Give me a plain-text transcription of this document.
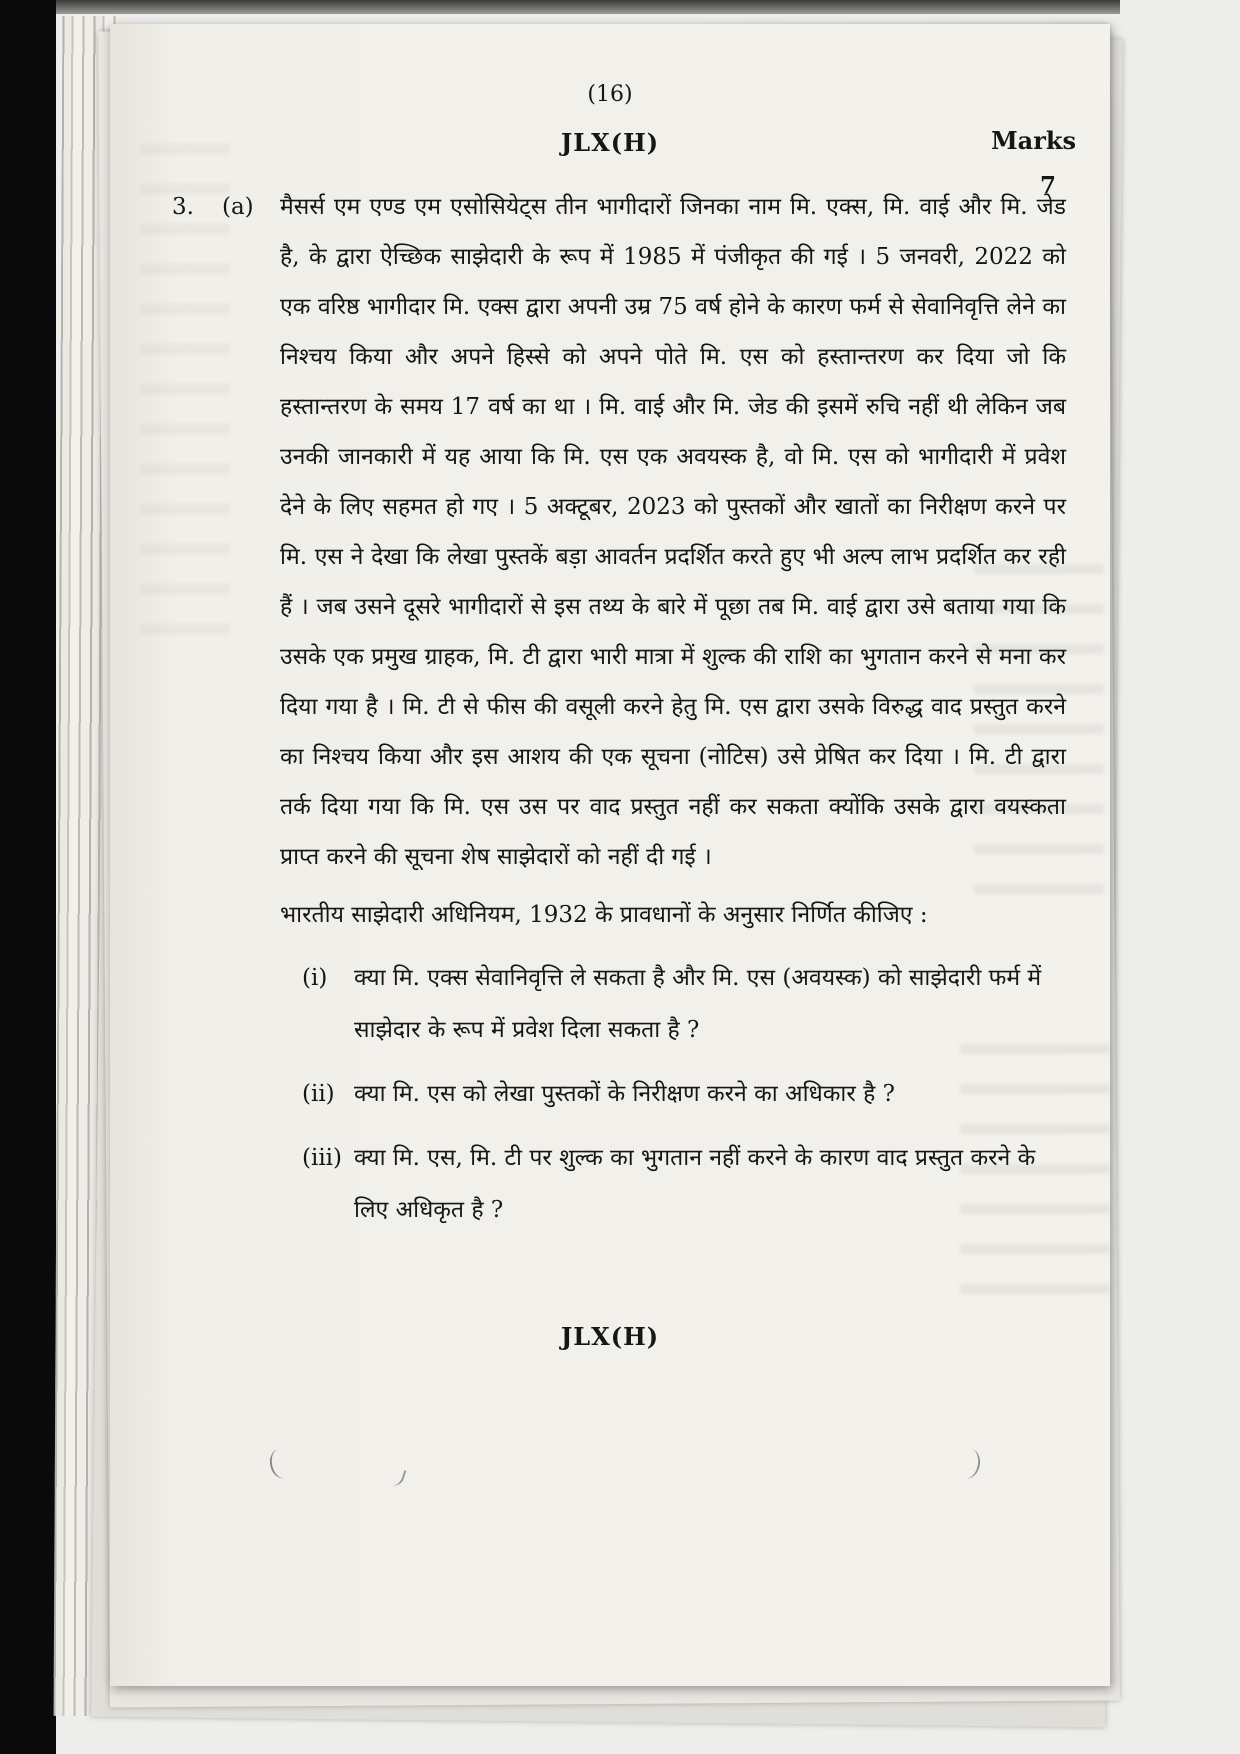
(16)
JLX(H)	Marks
7
3.	(a)	मैसर्स एम एण्ड एम एसोसियेट्स तीन भागीदारों जिनका नाम मि. एक्स, मि. वाई और मि. जेड है, के द्वारा ऐच्छिक साझेदारी के रूप में 1985 में पंजीकृत की गई । 5 जनवरी, 2022 को एक वरिष्ठ भागीदार मि. एक्स द्वारा अपनी उम्र 75 वर्ष होने के कारण फर्म से सेवानिवृत्ति लेने का निश्चय किया और अपने हिस्से को अपने पोते मि. एस को हस्तान्तरण कर दिया जो कि हस्तान्तरण के समय 17 वर्ष का था । मि. वाई और मि. जेड की इसमें रुचि नहीं थी लेकिन जब उनकी जानकारी में यह आया कि मि. एस एक अवयस्क है, वो मि. एस को भागीदारी में प्रवेश देने के लिए सहमत हो गए । 5 अक्टूबर, 2023 को पुस्तकों और खातों का निरीक्षण करने पर मि. एस ने देखा कि लेखा पुस्तकें बड़ा आवर्तन प्रदर्शित करते हुए भी अल्प लाभ प्रदर्शित कर रही हैं । जब उसने दूसरे भागीदारों से इस तथ्य के बारे में पूछा तब मि. वाई द्वारा उसे बताया गया कि उसके एक प्रमुख ग्राहक, मि. टी द्वारा भारी मात्रा में शुल्क की राशि का भुगतान करने से मना कर दिया गया है । मि. टी से फीस की वसूली करने हेतु मि. एस द्वारा उसके विरुद्ध वाद प्रस्तुत करने का निश्चय किया और इस आशय की एक सूचना (नोटिस) उसे प्रेषित कर दिया । मि. टी द्वारा तर्क दिया गया कि मि. एस उस पर वाद प्रस्तुत नहीं कर सकता क्योंकि उसके द्वारा वयस्कता प्राप्त करने की सूचना शेष साझेदारों को नहीं दी गई ।

भारतीय साझेदारी अधिनियम, 1932 के प्रावधानों के अनुसार निर्णित कीजिए :

(i)	क्या मि. एक्स सेवानिवृत्ति ले सकता है और मि. एस (अवयस्क) को साझेदारी फर्म में साझेदार के रूप में प्रवेश दिला सकता है ?
(ii) क्या मि. एस को लेखा पुस्तकों के निरीक्षण करने का अधिकार है ?
(iii) क्या मि. एस, मि. टी पर शुल्क का भुगतान नहीं करने के कारण वाद प्रस्तुत करने के लिए अधिकृत है ?
JLX(H)
